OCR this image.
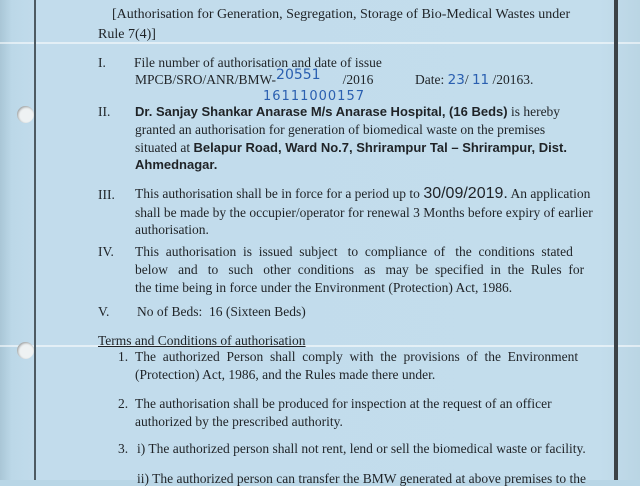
[Authorisation for Generation, Segregation, Storage of Bio-Medical Wastes under
Rule 7(4)]
I. File number of authorisation and date of issue
MPCB/SRO/ANR/BMW-20551 /2016	Date: 23/ 11 /20163.
16111000157
II. Dr. Sanjay Shankar Anarase M/s Anarase Hospital, (16 Beds) is hereby
granted an authorisation for generation of biomedical waste on the premises
situated at Belapur Road, Ward No.7, Shrirampur Tal – Shrirampur, Dist.
Ahmednagar.
III. This authorisation shall be in force for a period up to 30/09/2019. An application
shall be made by the occupier/operator for renewal 3 Months before expiry of earlier
authorisation.
IV. This  authorisation  is  issued  subject   to  compliance  of   the  conditions  stated
below   and   to   such   other  conditions   as   may  be  specified  in  the  Rules  for
the time being in force under the Environment (Protection) Act, 1986.
V. No of Beds:  16 (Sixteen Beds)
Terms and Conditions of authorisation
1. The  authorized  Person  shall  comply  with  the  provisions  of  the  Environment
(Protection) Act, 1986, and the Rules made there under.
2. The authorisation shall be produced for inspection at the request of an officer
authorized by the prescribed authority.
3. i) The authorized person shall not rent, lend or sell the biomedical waste or facility.
ii) The authorized person can transfer the BMW generated at above premises to the
